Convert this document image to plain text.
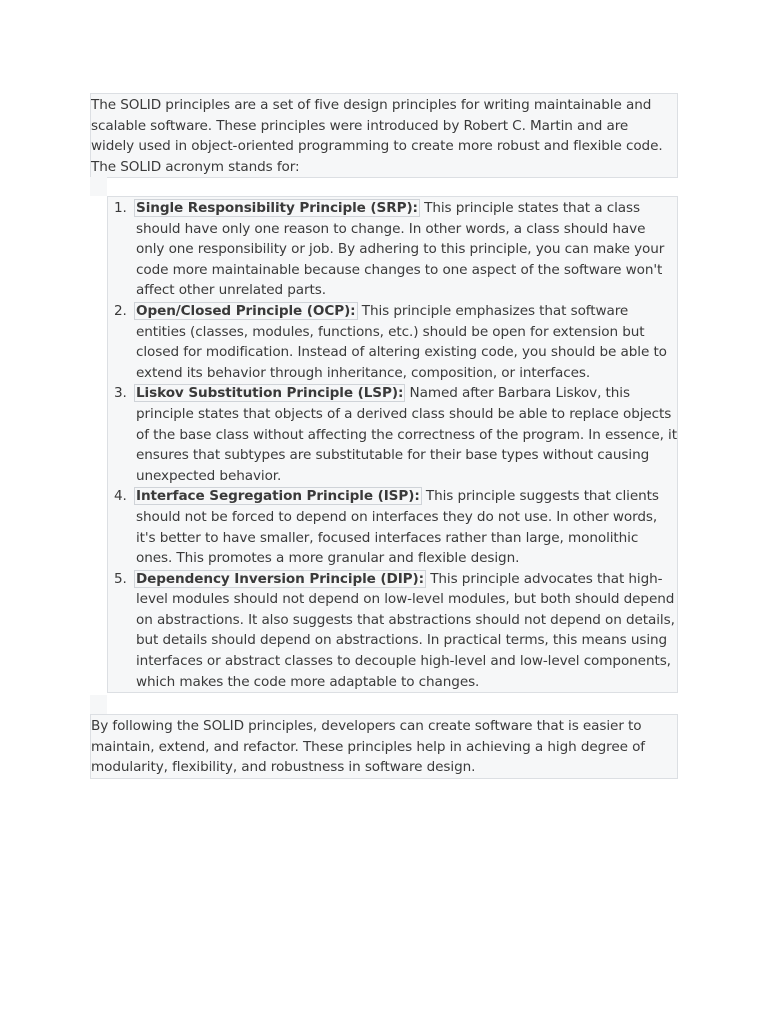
The SOLID principles are a set of five design principles for writing maintainable and scalable software. These principles were introduced by Robert C. Martin and are widely used in object-oriented programming to create more robust and flexible code. The SOLID acronym stands for:
1. Single Responsibility Principle (SRP): This principle states that a class should have only one reason to change. In other words, a class should have only one responsibility or job. By adhering to this principle, you can make your code more maintainable because changes to one aspect of the software won't affect other unrelated parts.
2. Open/Closed Principle (OCP): This principle emphasizes that software entities (classes, modules, functions, etc.) should be open for extension but closed for modification. Instead of altering existing code, you should be able to extend its behavior through inheritance, composition, or interfaces.
3. Liskov Substitution Principle (LSP): Named after Barbara Liskov, this principle states that objects of a derived class should be able to replace objects of the base class without affecting the correctness of the program. In essence, it ensures that subtypes are substitutable for their base types without causing unexpected behavior.
4. Interface Segregation Principle (ISP): This principle suggests that clients should not be forced to depend on interfaces they do not use. In other words, it's better to have smaller, focused interfaces rather than large, monolithic ones. This promotes a more granular and flexible design.
5. Dependency Inversion Principle (DIP): This principle advocates that high-level modules should not depend on low-level modules, but both should depend on abstractions. It also suggests that abstractions should not depend on details, but details should depend on abstractions. In practical terms, this means using interfaces or abstract classes to decouple high-level and low-level components, which makes the code more adaptable to changes.
By following the SOLID principles, developers can create software that is easier to maintain, extend, and refactor. These principles help in achieving a high degree of modularity, flexibility, and robustness in software design.
